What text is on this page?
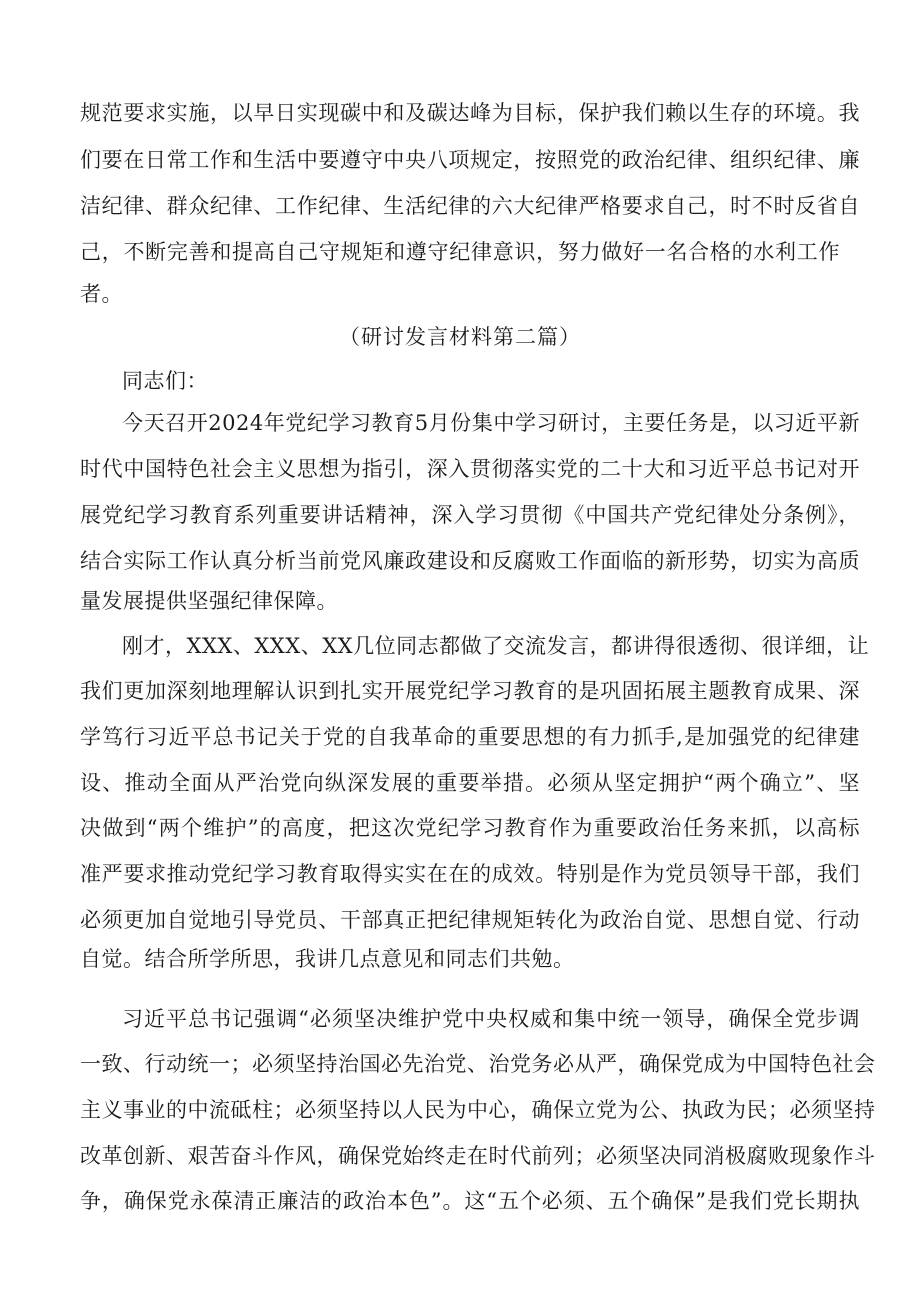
规范要求实施，以早日实现碳中和及碳达峰为目标，保护我们赖以生存的环境。我
们要在日常工作和生活中要遵守中央八项规定，按照党的政治纪律、组织纪律、廉
洁纪律、群众纪律、工作纪律、生活纪律的六大纪律严格要求自己，时不时反省自
己，不断完善和提高自己守规矩和遵守纪律意识，努力做好一名合格的水利工作
者。
（研讨发言材料第二篇）
同志们：
今天召开2024年党纪学习教育5月份集中学习研讨，主要任务是，以习近平新
时代中国特色社会主义思想为指引，深入贯彻落实党的二十大和习近平总书记对开
展党纪学习教育系列重要讲话精神，深入学习贯彻《中国共产党纪律处分条例》，
结合实际工作认真分析当前党风廉政建设和反腐败工作面临的新形势，切实为高质
量发展提供坚强纪律保障。
刚才，XXX、XXX、XX几位同志都做了交流发言，都讲得很透彻、很详细，让
我们更加深刻地理解认识到扎实开展党纪学习教育的是巩固拓展主题教育成果、深
学笃行习近平总书记关于党的自我革命的重要思想的有力抓手,是加强党的纪律建
设、推动全面从严治党向纵深发展的重要举措。必须从坚定拥护“两个确立”、坚
决做到“两个维护”的高度，把这次党纪学习教育作为重要政治任务来抓，以高标
准严要求推动党纪学习教育取得实实在在的成效。特别是作为党员领导干部，我们
必须更加自觉地引导党员、干部真正把纪律规矩转化为政治自觉、思想自觉、行动
自觉。结合所学所思，我讲几点意见和同志们共勉。
习近平总书记强调“必须坚决维护党中央权威和集中统一领导，确保全党步调
一致、行动统一；必须坚持治国必先治党、治党务必从严，确保党成为中国特色社会
主义事业的中流砥柱；必须坚持以人民为中心，确保立党为公、执政为民；必须坚持
改革创新、艰苦奋斗作风，确保党始终走在时代前列；必须坚决同消极腐败现象作斗
争，确保党永葆清正廉洁的政治本色”。这“五个必须、五个确保”是我们党长期执
